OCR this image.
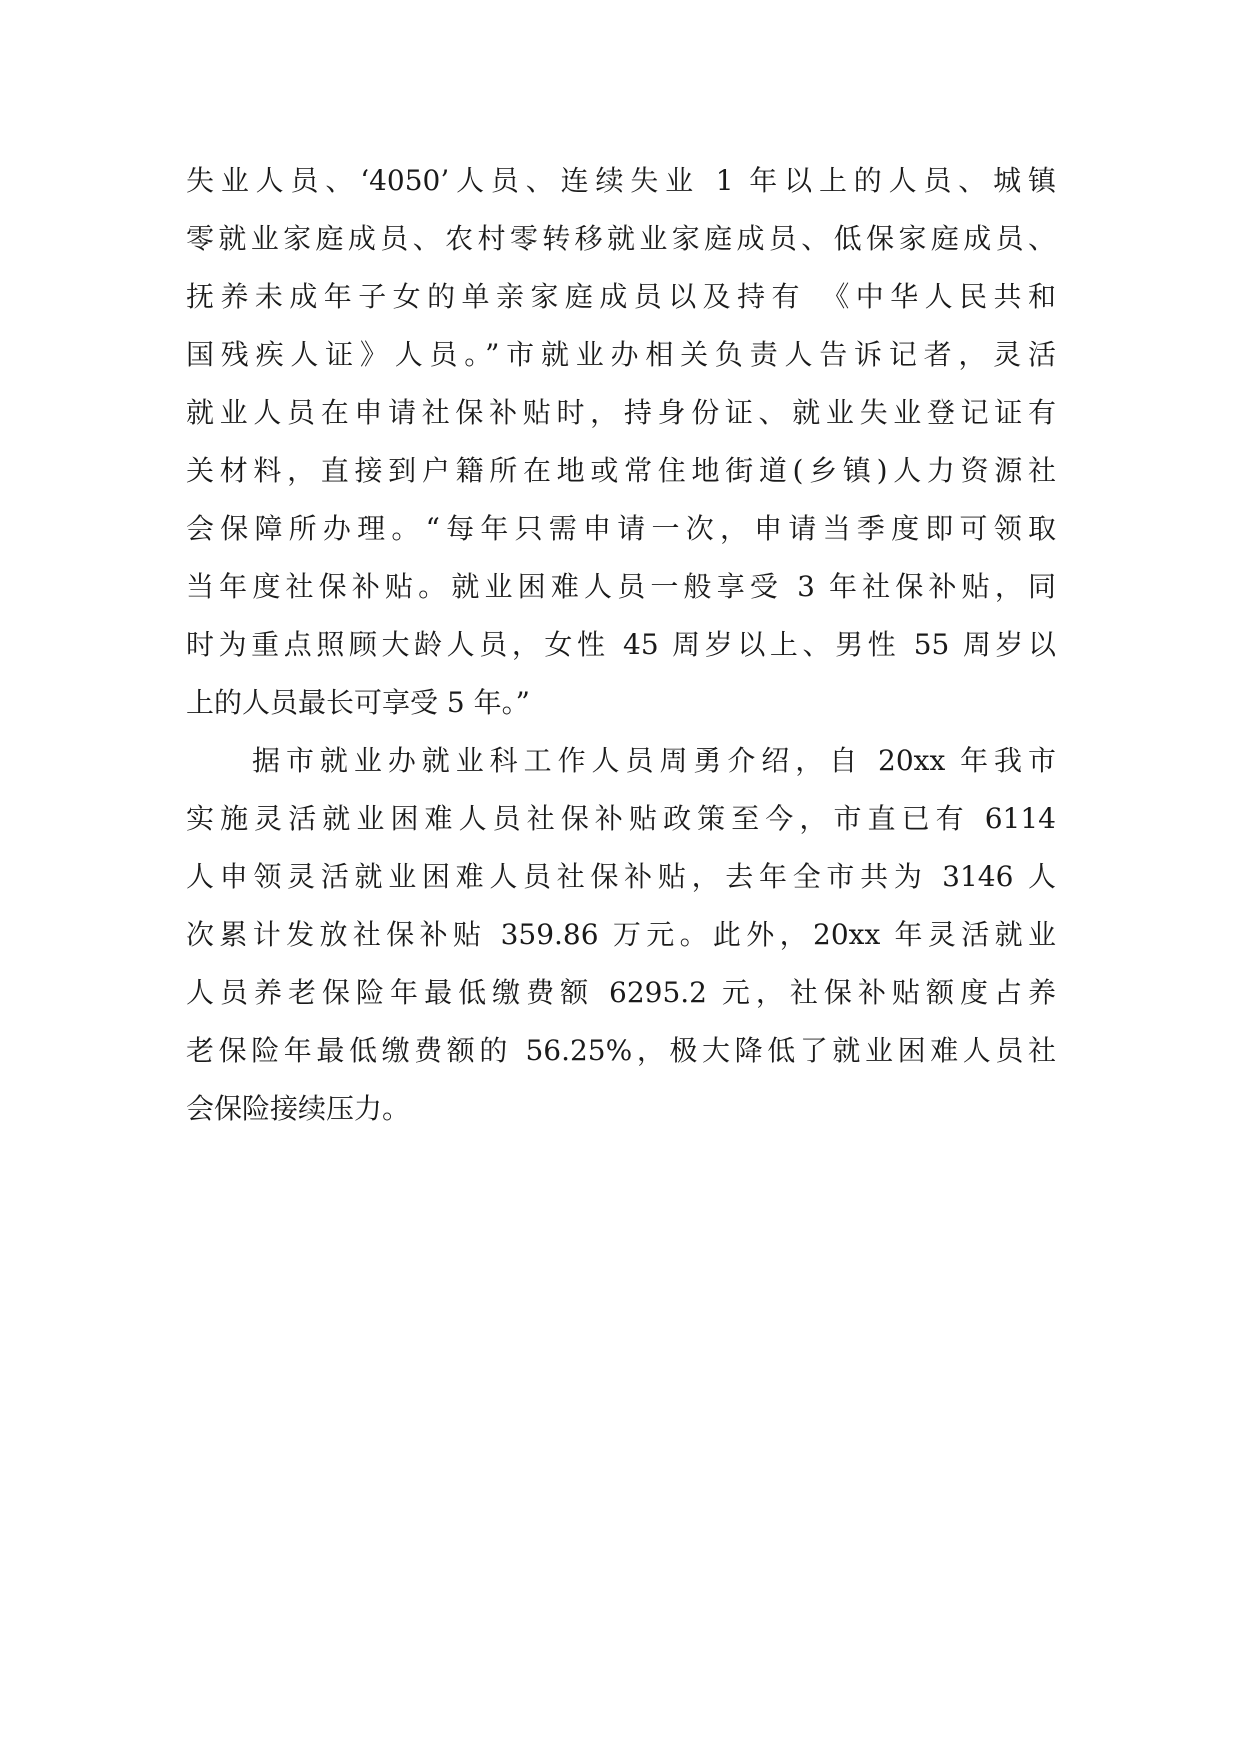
失业人员、‘4050’人员、连续失业 1 年以上的人员、城镇
零就业家庭成员、农村零转移就业家庭成员、低保家庭成员、
抚养未成年子女的单亲家庭成员以及持有 《中华人民共和
国残疾人证》人员。”市就业办相关负责人告诉记者，灵活
就业人员在申请社保补贴时，持身份证、就业失业登记证有
关材料，直接到户籍所在地或常住地街道(乡镇)人力资源社
会保障所办理。“每年只需申请一次，申请当季度即可领取
当年度社保补贴。就业困难人员一般享受 3 年社保补贴，同
时为重点照顾大龄人员，女性 45 周岁以上、男性 55 周岁以
上的人员最长可享受 5 年。”
据市就业办就业科工作人员周勇介绍，自 20xx 年我市
实施灵活就业困难人员社保补贴政策至今，市直已有 6114
人申领灵活就业困难人员社保补贴，去年全市共为 3146 人
次累计发放社保补贴 359.86 万元。此外，20xx 年灵活就业
人员养老保险年最低缴费额 6295.2 元，社保补贴额度占养
老保险年最低缴费额的 56.25%，极大降低了就业困难人员社
会保险接续压力。
